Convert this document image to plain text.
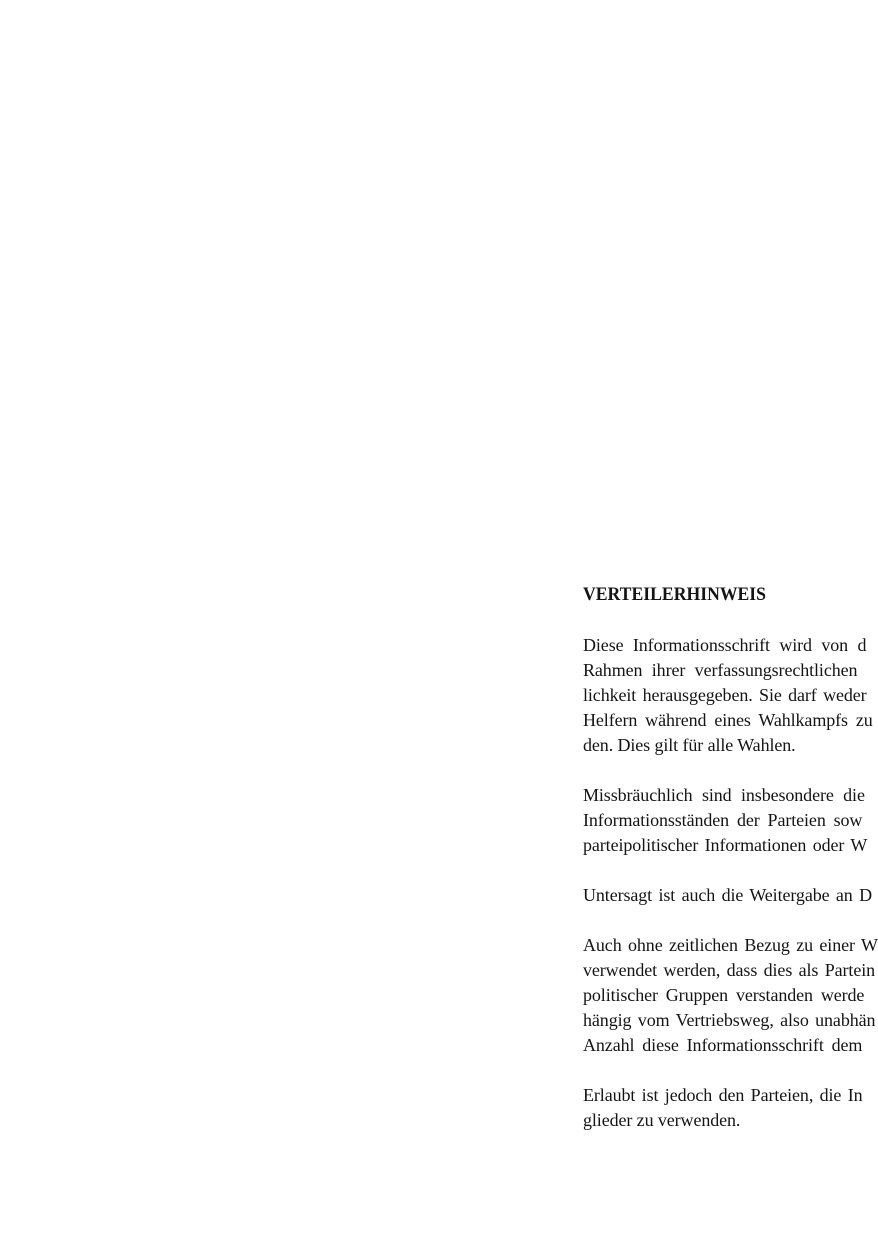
VERTEILERHINWEIS
Diese Informationsschrift wird von d
Rahmen ihrer verfassungsrechtlichen
lichkeit herausgegeben. Sie darf weder
Helfern während eines Wahlkampfs zu
den. Dies gilt für alle Wahlen.
Missbräuchlich sind insbesondere die
Informationsständen der Parteien sow
parteipolitischer Informationen oder W
Untersagt ist auch die Weitergabe an D
Auch ohne zeitlichen Bezug zu einer W
verwendet werden, dass dies als Partein
politischer Gruppen verstanden werde
hängig vom Vertriebsweg, also unabhän
Anzahl diese Informationsschrift dem
Erlaubt ist jedoch den Parteien, die In
glieder zu verwenden.
